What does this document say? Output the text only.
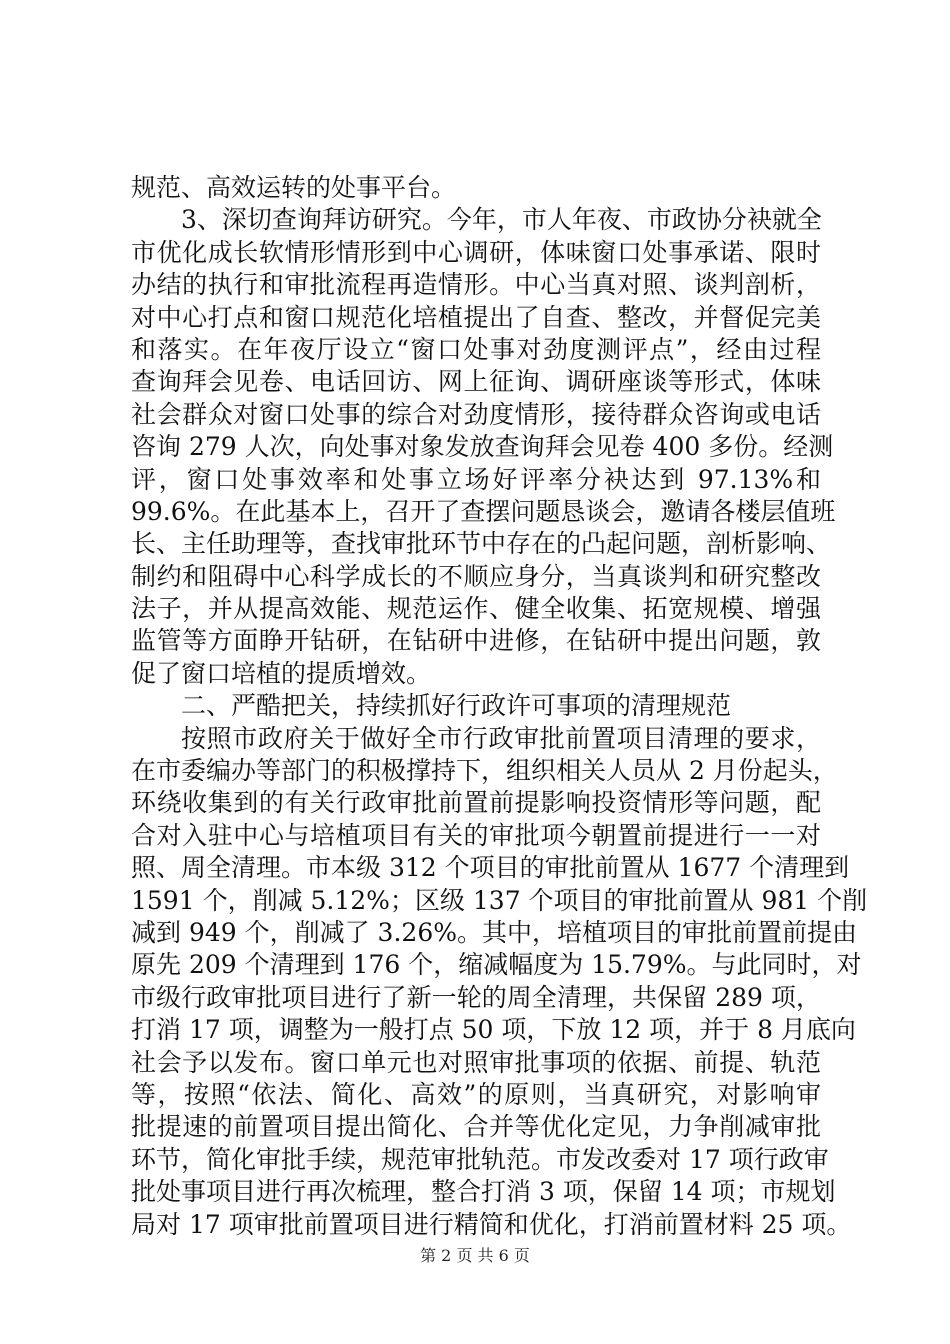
规范、高效运转的处事平台。
3、深切查询拜访研究。今年，市人年夜、市政协分袂就全
市优化成长软情形情形到中心调研，体味窗口处事承诺、限时
办结的执行和审批流程再造情形。中心当真对照、谈判剖析，
对中心打点和窗口规范化培植提出了自查、整改，并督促完美
和落实。在年夜厅设立“窗口处事对劲度测评点”，经由过程
查询拜会见卷、电话回访、网上征询、调研座谈等形式，体味
社会群众对窗口处事的综合对劲度情形，接待群众咨询或电话
咨询 279 人次，向处事对象发放查询拜会见卷 400 多份。经测
评，窗口处事效率和处事立场好评率分袂达到 97.13%和
99.6%。在此基本上，召开了查摆问题恳谈会，邀请各楼层值班
长、主任助理等，查找审批环节中存在的凸起问题，剖析影响、
制约和阻碍中心科学成长的不顺应身分，当真谈判和研究整改
法子，并从提高效能、规范运作、健全收集、拓宽规模、增强
监管等方面睁开钻研，在钻研中进修，在钻研中提出问题，敦
促了窗口培植的提质增效。
二、严酷把关，持续抓好行政许可事项的清理规范
按照市政府关于做好全市行政审批前置项目清理的要求，
在市委编办等部门的积极撑持下，组织相关人员从 2 月份起头，
环绕收集到的有关行政审批前置前提影响投资情形等问题，配
合对入驻中心与培植项目有关的审批项今朝置前提进行一一对
照、周全清理。市本级 312 个项目的审批前置从 1677 个清理到
1591 个，削减 5.12%；区级 137 个项目的审批前置从 981 个削
减到 949 个，削减了 3.26%。其中，培植项目的审批前置前提由
原先 209 个清理到 176 个，缩减幅度为 15.79%。与此同时，对
市级行政审批项目进行了新一轮的周全清理，共保留 289 项，
打消 17 项，调整为一般打点 50 项，下放 12 项，并于 8 月底向
社会予以发布。窗口单元也对照审批事项的依据、前提、轨范
等，按照“依法、简化、高效”的原则，当真研究，对影响审
批提速的前置项目提出简化、合并等优化定见，力争削减审批
环节，简化审批手续，规范审批轨范。市发改委对 17 项行政审
批处事项目进行再次梳理，整合打消 3 项，保留 14 项；市规划
局对 17 项审批前置项目进行精简和优化，打消前置材料 25 项。
第 2 页 共 6 页
